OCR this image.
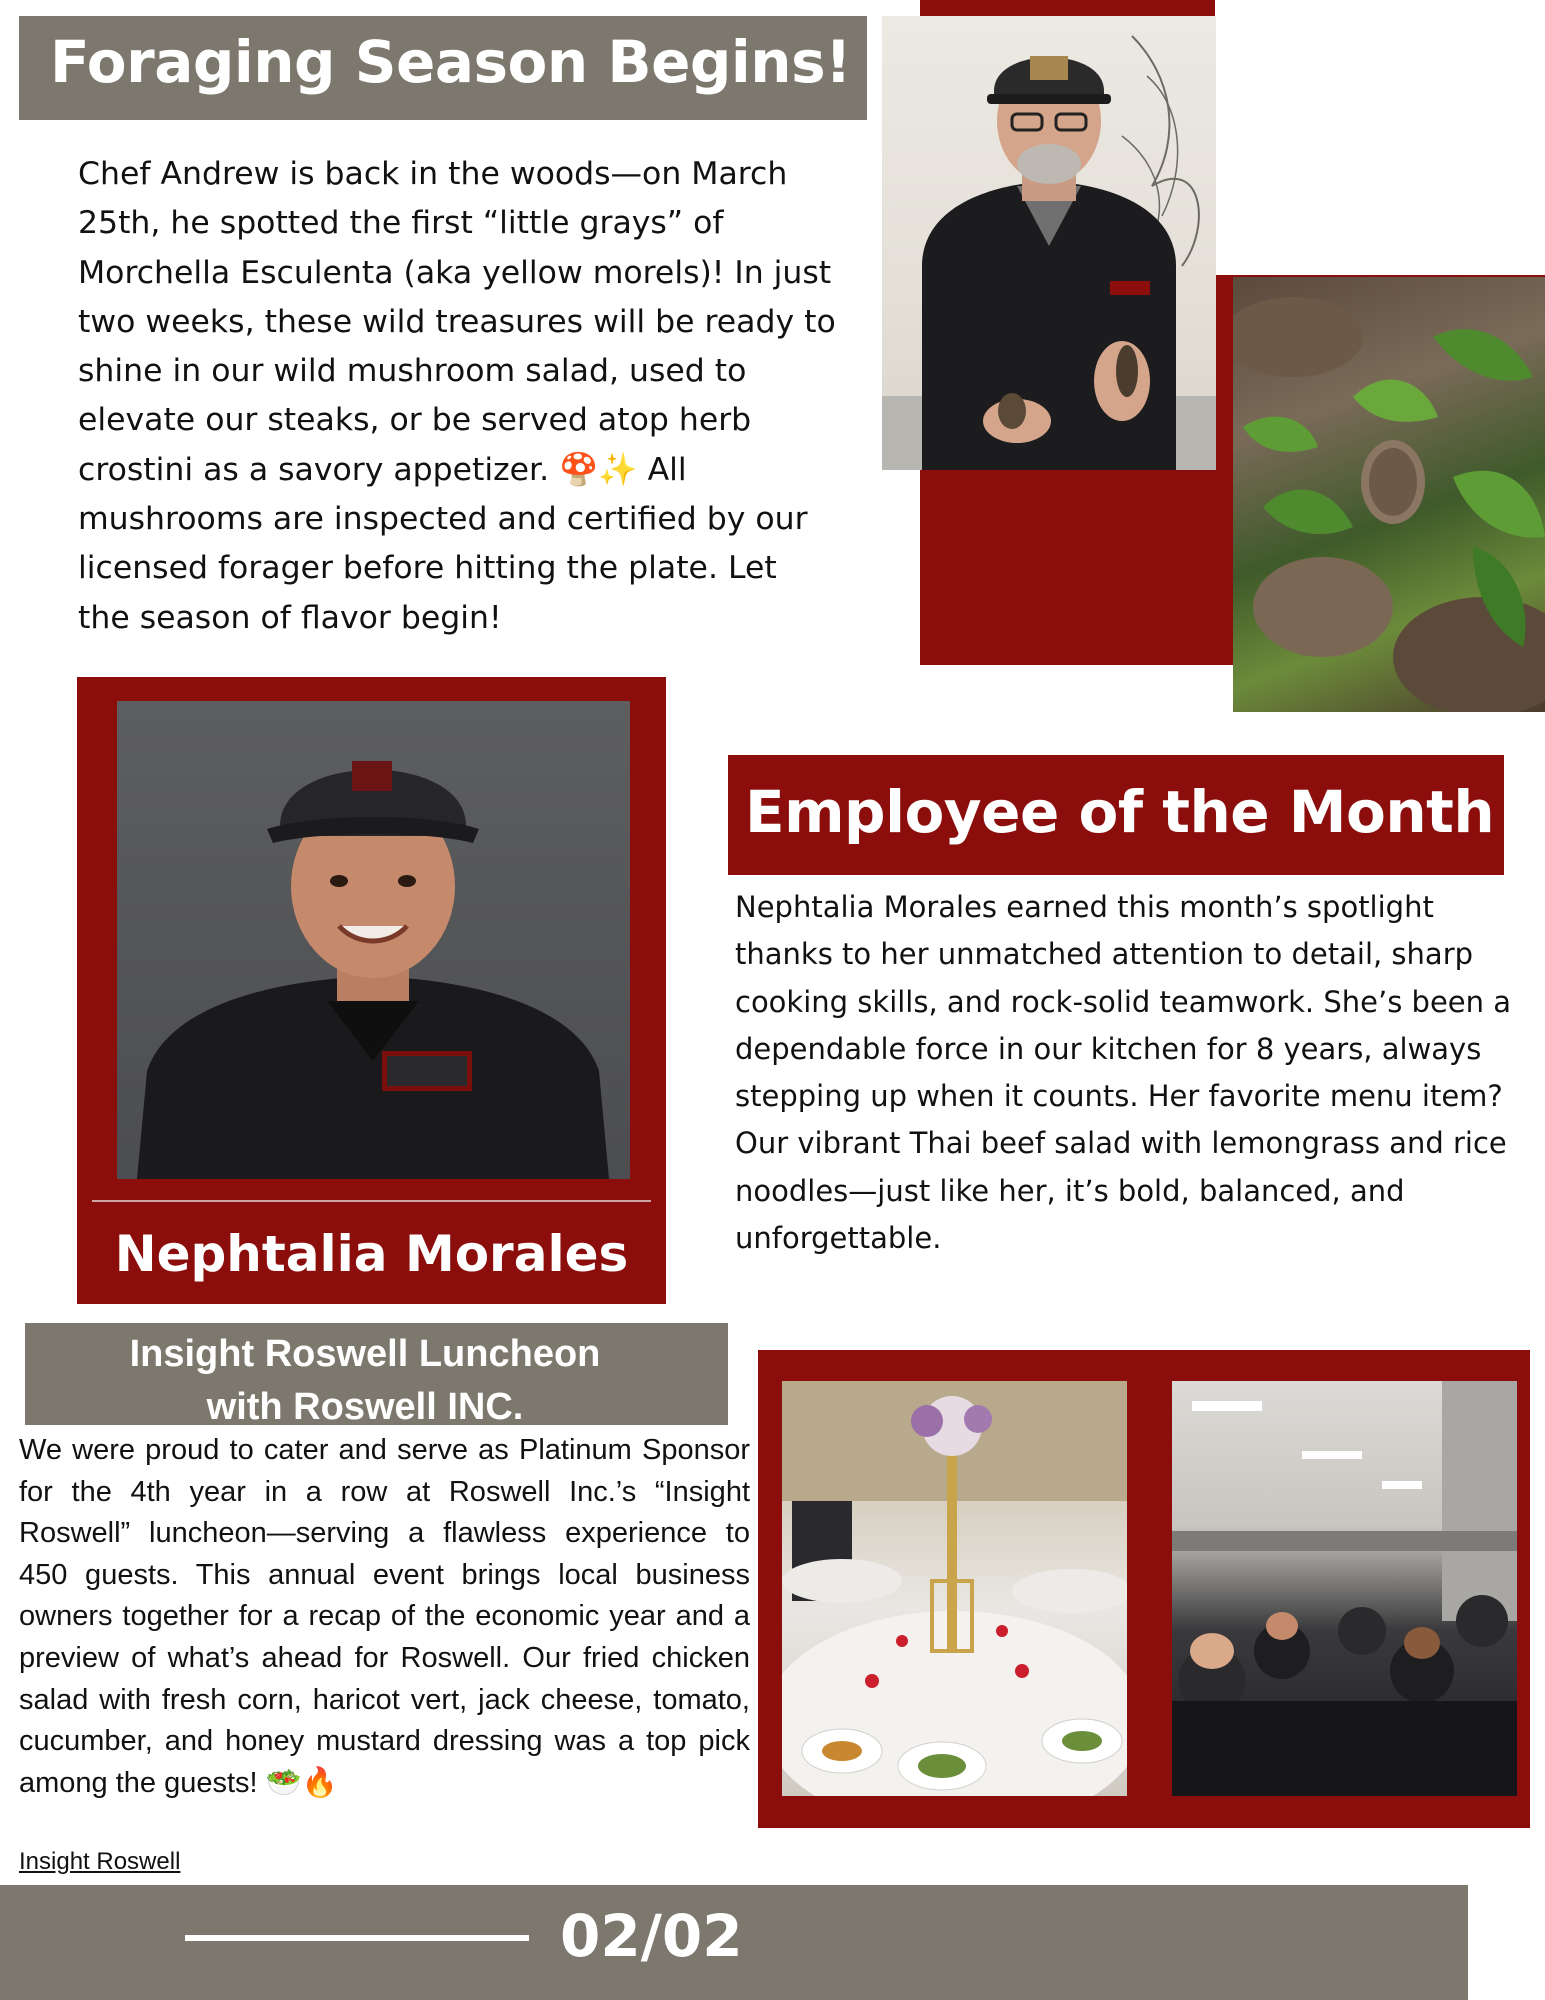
Foraging Season Begins!

Chef Andrew is back in the woods—on March 25th, he spotted the first “little grays” of Morchella Esculenta (aka yellow morels)! In just two weeks, these wild treasures will be ready to shine in our wild mushroom salad, used to elevate our steaks, or be served atop herb crostini as a savory appetizer. 🍄✨ All mushrooms are inspected and certified by our licensed forager before hitting the plate. Let the season of flavor begin!

Nephtalia Morales
Employee of the Month

Nephtalia Morales earned this month’s spotlight thanks to her unmatched attention to detail, sharp cooking skills, and rock-solid teamwork. She’s been a dependable force in our kitchen for 8 years, always stepping up when it counts. Her favorite menu item? Our vibrant Thai beef salad with lemongrass and rice noodles—just like her, it’s bold, balanced, and unforgettable.

Insight Roswell Luncheon
with Roswell INC.

We were proud to cater and serve as Platinum Sponsor for the 4th year in a row at Roswell Inc.’s “Insight Roswell” luncheon—serving a flawless experience to 450 guests. This annual event brings local business owners together for a recap of the economic year and a preview of what’s ahead for Roswell. Our fried chicken salad with fresh corn, haricot vert, jack cheese, tomato, cucumber, and honey mustard dressing was a top pick among the guests! 🥗🔥

Insight Roswell
02/02
